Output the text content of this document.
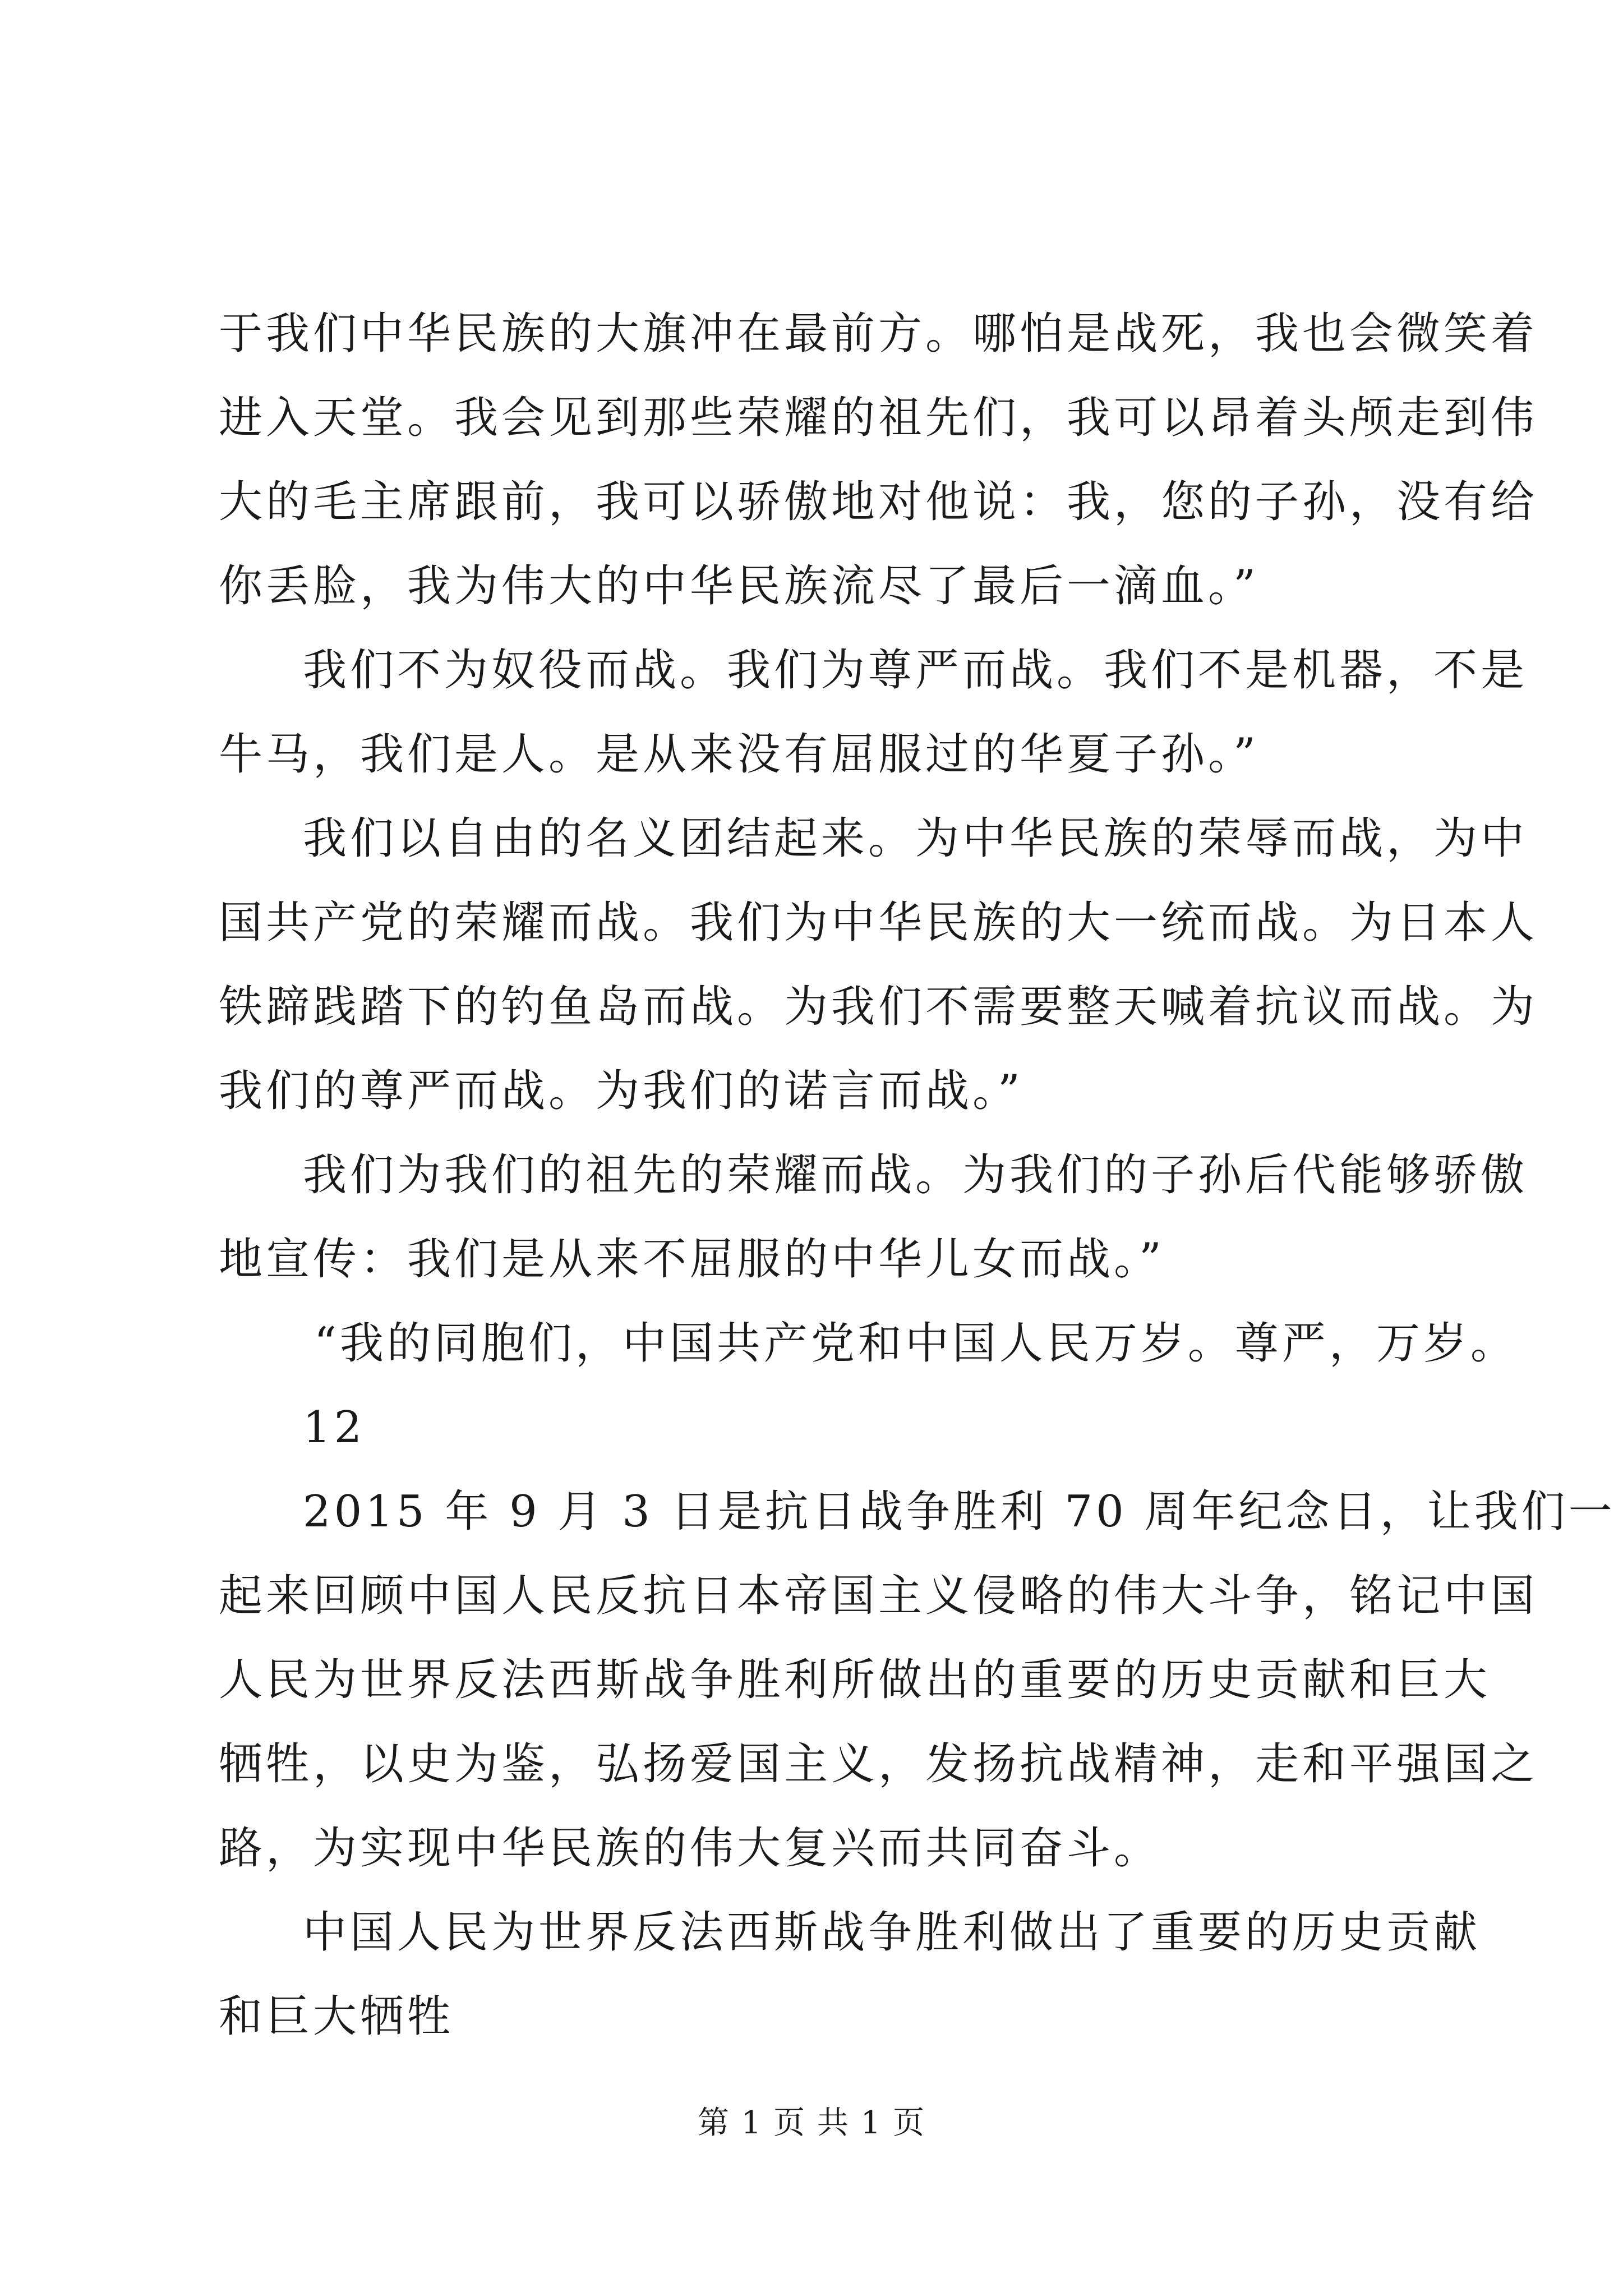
于我们中华民族的大旗冲在最前方。哪怕是战死，我也会微笑着
进入天堂。我会见到那些荣耀的祖先们，我可以昂着头颅走到伟
大的毛主席跟前，我可以骄傲地对他说：我，您的子孙，没有给
你丢脸，我为伟大的中华民族流尽了最后一滴血。”
我们不为奴役而战。我们为尊严而战。我们不是机器，不是
牛马，我们是人。是从来没有屈服过的华夏子孙。”
我们以自由的名义团结起来。为中华民族的荣辱而战，为中
国共产党的荣耀而战。我们为中华民族的大一统而战。为日本人
铁蹄践踏下的钓鱼岛而战。为我们不需要整天喊着抗议而战。为
我们的尊严而战。为我们的诺言而战。”
我们为我们的祖先的荣耀而战。为我们的子孙后代能够骄傲
地宣传：我们是从来不屈服的中华儿女而战。”
“我的同胞们，中国共产党和中国人民万岁。尊严，万岁。
12
2015 年 9 月 3 日是抗日战争胜利 70 周年纪念日，让我们一
起来回顾中国人民反抗日本帝国主义侵略的伟大斗争，铭记中国
人民为世界反法西斯战争胜利所做出的重要的历史贡献和巨大
牺牲，以史为鉴，弘扬爱国主义，发扬抗战精神，走和平强国之
路，为实现中华民族的伟大复兴而共同奋斗。
中国人民为世界反法西斯战争胜利做出了重要的历史贡献
和巨大牺牲
第 1 页 共 1 页
